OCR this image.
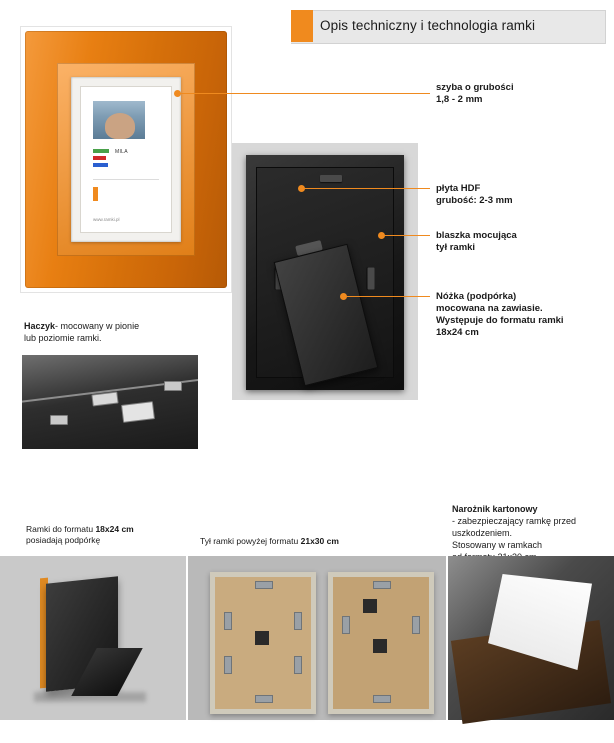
Opis techniczny i technologia ramki
MILA
www.ramki.pl
szyba o grubości
1,8 - 2 mm
płyta HDF
grubość: 2-3 mm
blaszka mocująca
tył ramki
Nóżka (podpórka)
mocowana na zawiasie.
Występuje do formatu ramki
18x24 cm
Haczyk- mocowany w pionie
lub poziomie ramki.
Narożnik kartonowy
- zabezpieczający ramkę przed
uszkodzeniem.
Stosowany w ramkach

Ramki do formatu 18x24 cm
posiadają podpórkę	Tył ramki powyżej formatu 21x30 cm
